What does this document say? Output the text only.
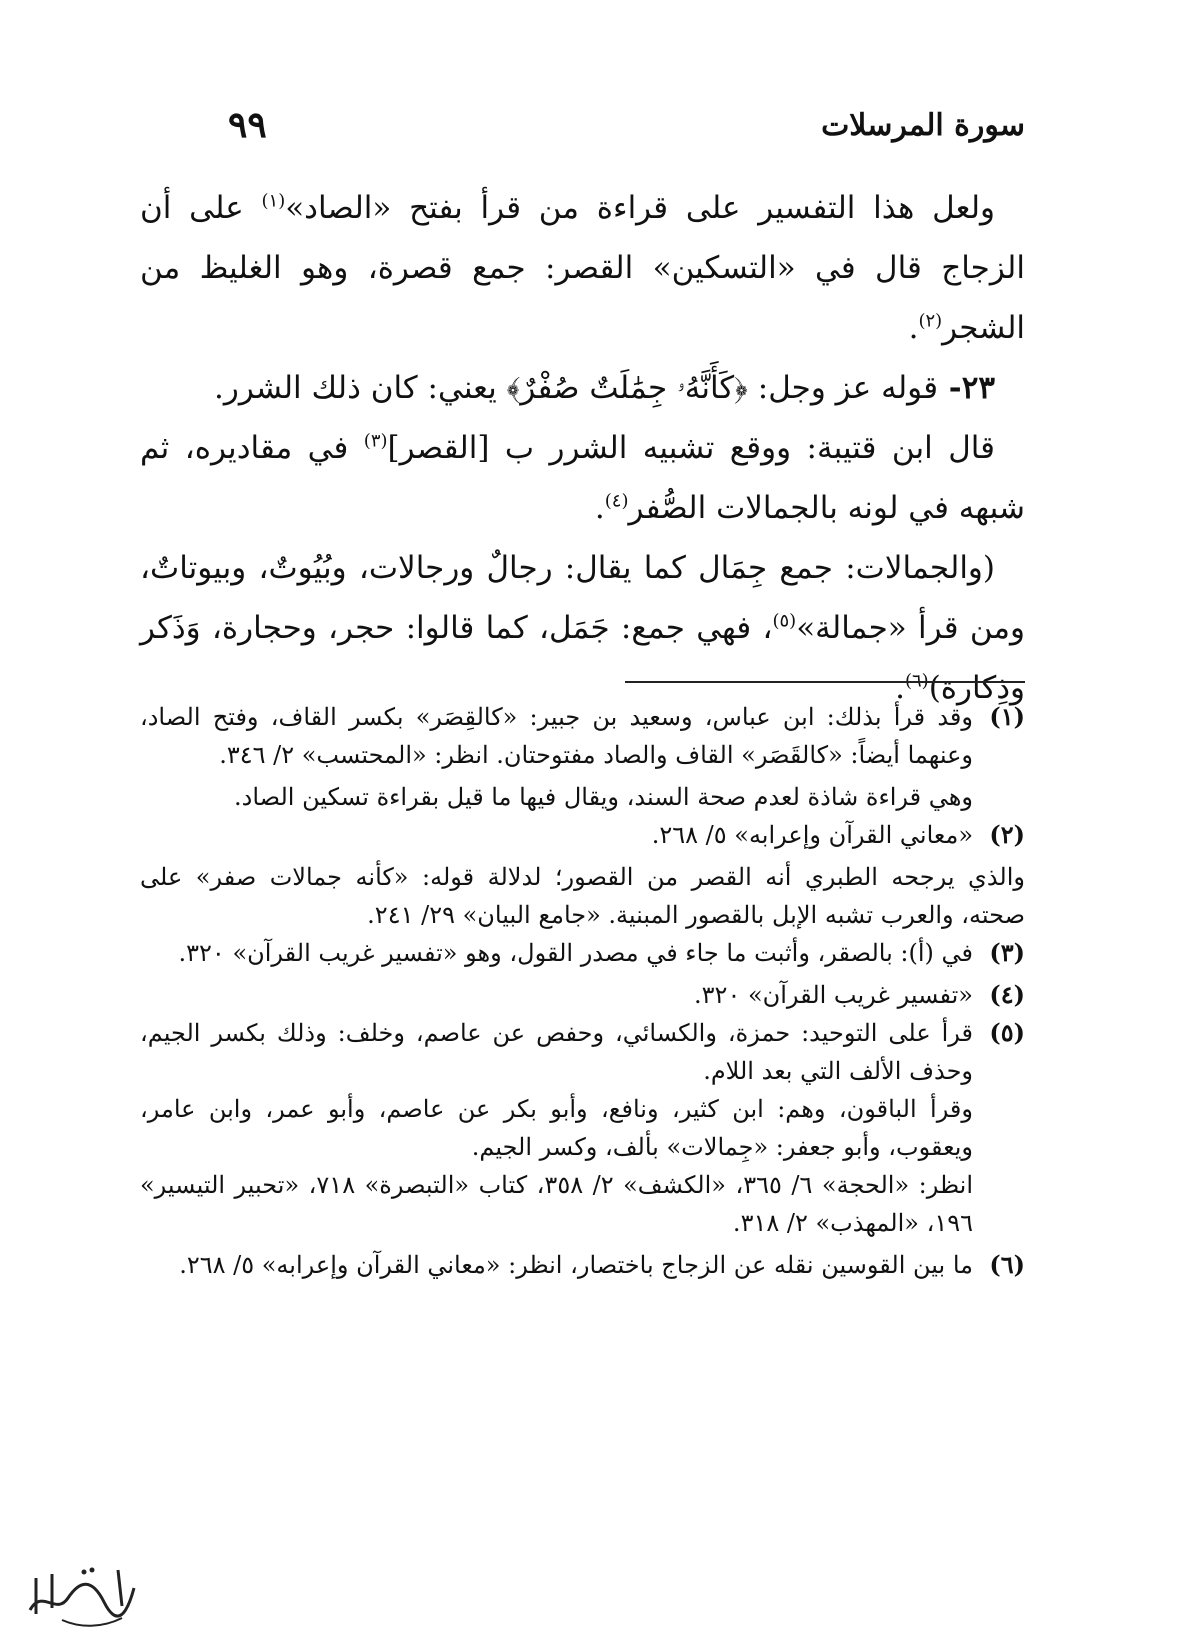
سورة المرسلات
٩٩

ولعل هذا التفسير على قراءة من قرأ بفتح «الصاد»$^{(١)}$ على أن الزجاج قال في «التسكين» القصر: جمع قصرة، وهو الغليظ من الشجر$^{(٢)}$.

٢٣- قوله عز وجل: ﴿كَأَنَّهُۥ جِمَٰلَتٌ صُفْرٌ﴾ يعني: كان ذلك الشرر.

قال ابن قتيبة: ووقع تشبيه الشرر ب [القصر]$^{(٣)}$ في مقاديره، ثم شبهه في لونه بالجمالات الصُّفر$^{(٤)}$.

(والجمالات: جمع جِمَال كما يقال: رجالٌ ورجالات، وبُيُوتٌ، وبيوتاتٌ، ومن قرأ «جمالة»$^{(٥)}$، فهي جمع: جَمَل، كما قالوا: حجر، وحجارة، وَذَكر وذِكارة)$^{(٦)}$.

(١)
وقد قرأ بذلك: ابن عباس، وسعيد بن جبير: «كالقِصَر» بكسر القاف، وفتح الصاد، وعنهما أيضاً: «كالقَصَر» القاف والصاد مفتوحتان. انظر: «المحتسب» ٢/ ٣٤٦.

وهي قراءة شاذة لعدم صحة السند، ويقال فيها ما قيل بقراءة تسكين الصاد.

(٢)
«معاني القرآن وإعرابه» ٥/ ٢٦٨.

والذي يرجحه الطبري أنه القصر من القصور؛ لدلالة قوله: «كأنه جمالات صفر» على صحته، والعرب تشبه الإبل بالقصور المبنية. «جامع البيان» ٢٩/ ٢٤١.

(٣)
في (أ): بالصقر، وأثبت ما جاء في مصدر القول، وهو «تفسير غريب القرآن» ٣٢٠.

(٤)
«تفسير غريب القرآن» ٣٢٠.

(٥)
قرأ على التوحيد: حمزة، والكسائي، وحفص عن عاصم، وخلف: وذلك بكسر الجيم، وحذف الألف التي بعد اللام.

وقرأ الباقون، وهم: ابن كثير، ونافع، وأبو بكر عن عاصم، وأبو عمر، وابن عامر، ويعقوب، وأبو جعفر: «جِمالات» بألف، وكسر الجيم.

انظر: «الحجة» ٦/ ٣٦٥، «الكشف» ٢/ ٣٥٨، كتاب «التبصرة» ٧١٨، «تحبير التيسير» ١٩٦، «المهذب» ٢/ ٣١٨.

(٦)
ما بين القوسين نقله عن الزجاج باختصار، انظر: «معاني القرآن وإعرابه» ٥/ ٢٦٨.
